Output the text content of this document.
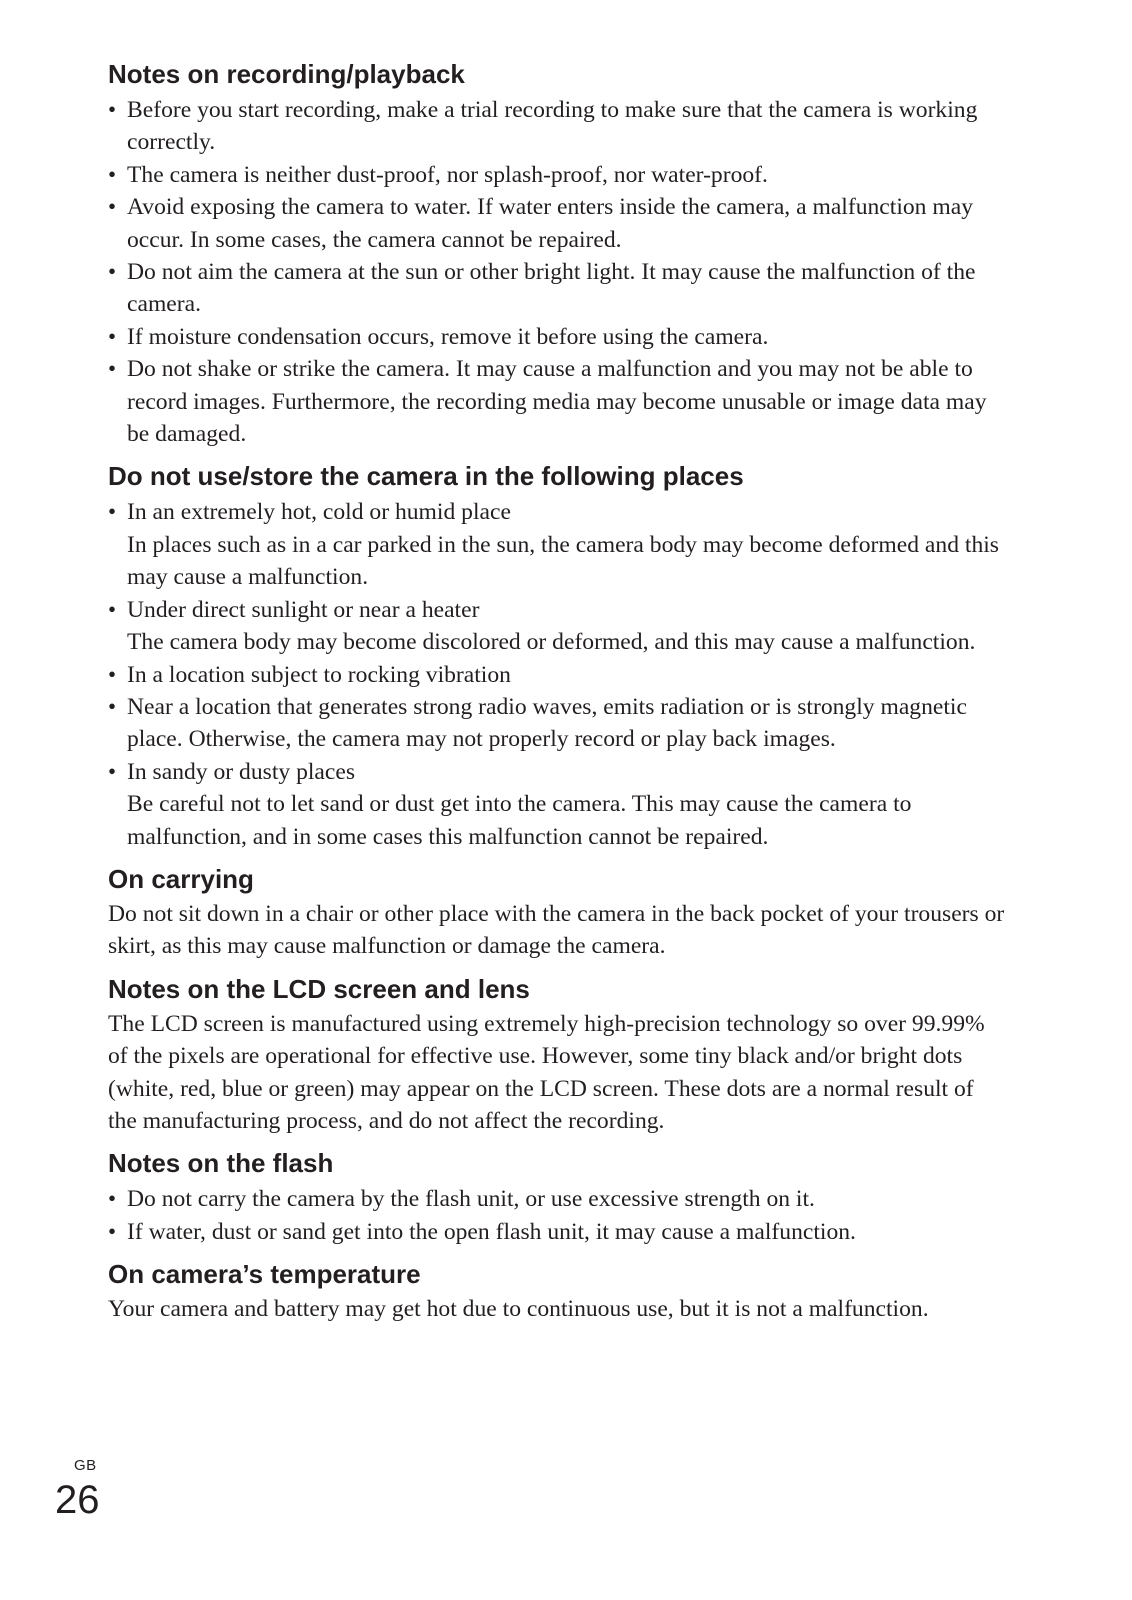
Notes on recording/playback

• Before you start recording, make a trial recording to make sure that the camera is working correctly.

• The camera is neither dust-proof, nor splash-proof, nor water-proof.

• Avoid exposing the camera to water. If water enters inside the camera, a malfunction may occur. In some cases, the camera cannot be repaired.

• Do not aim the camera at the sun or other bright light. It may cause the malfunction of the camera.

• If moisture condensation occurs, remove it before using the camera.

• Do not shake or strike the camera. It may cause a malfunction and you may not be able to record images. Furthermore, the recording media may become unusable or image data may be damaged.

Do not use/store the camera in the following places

• In an extremely hot, cold or humid place

In places such as in a car parked in the sun, the camera body may become deformed and this may cause a malfunction.

• Under direct sunlight or near a heater

The camera body may become discolored or deformed, and this may cause a malfunction.

• In a location subject to rocking vibration

• Near a location that generates strong radio waves, emits radiation or is strongly magnetic place. Otherwise, the camera may not properly record or play back images.

• In sandy or dusty places

Be careful not to let sand or dust get into the camera. This may cause the camera to malfunction, and in some cases this malfunction cannot be repaired.

On carrying

Do not sit down in a chair or other place with the camera in the back pocket of your trousers or skirt, as this may cause malfunction or damage the camera.

Notes on the LCD screen and lens

The LCD screen is manufactured using extremely high-precision technology so over 99.99% of the pixels are operational for effective use. However, some tiny black and/or bright dots (white, red, blue or green) may appear on the LCD screen. These dots are a normal result of the manufacturing process, and do not affect the recording.

Notes on the flash

• Do not carry the camera by the flash unit, or use excessive strength on it.

• If water, dust or sand get into the open flash unit, it may cause a malfunction.

On camera’s temperature

Your camera and battery may get hot due to continuous use, but it is not a malfunction.

GB
26
